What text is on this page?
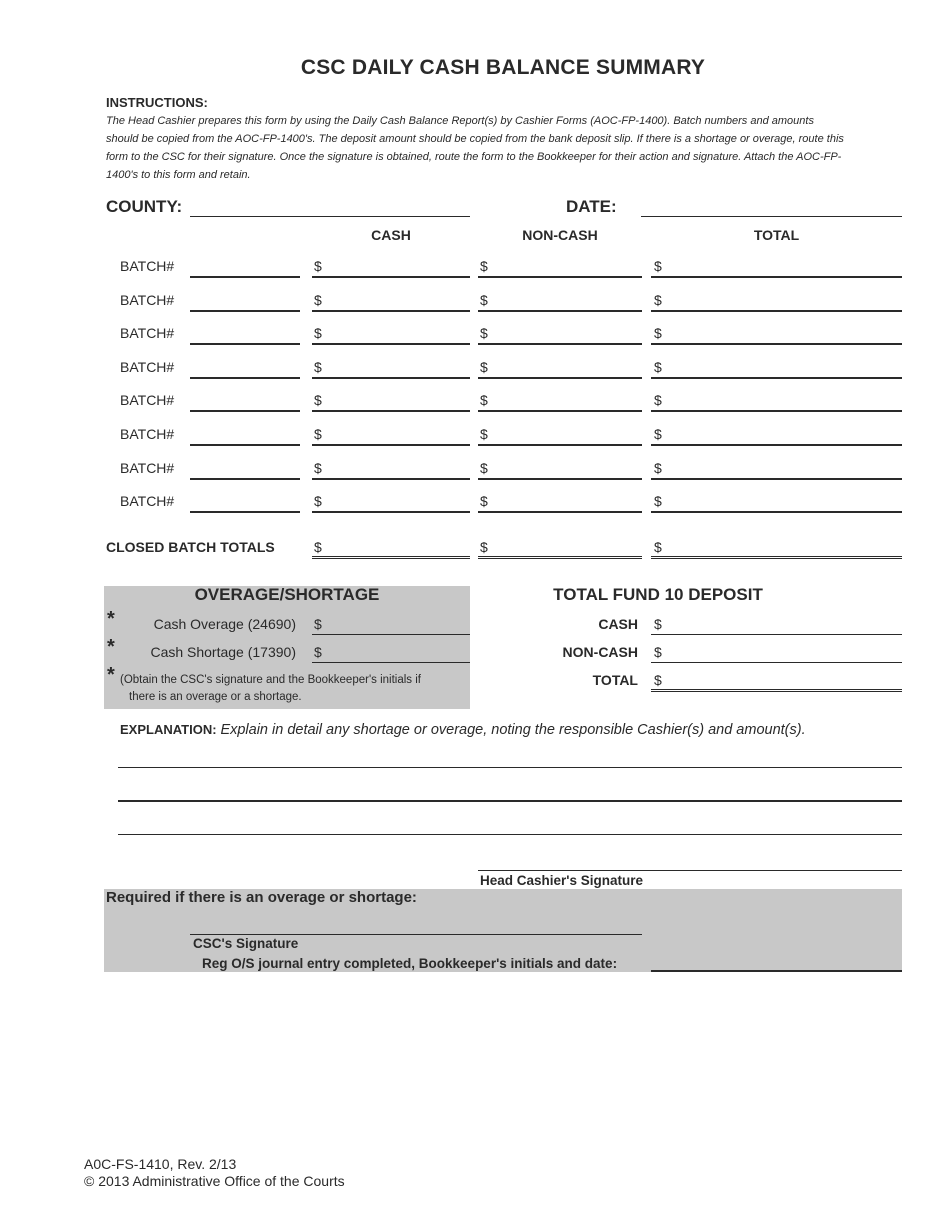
CSC DAILY CASH BALANCE SUMMARY
INSTRUCTIONS:
The Head Cashier prepares this form by using the Daily Cash Balance Report(s) by Cashier Forms (AOC-FP-1400). Batch numbers and amounts should be copied from the AOC-FP-1400's. The deposit amount should be copied from the bank deposit slip. If there is a shortage or overage, route this form to the CSC for their signature. Once the signature is obtained, route the form to the Bookkeeper for their action and signature. Attach the AOC-FP-1400's to this form and retain.
COUNTY:	DATE:
CASH	NON-CASH	TOTAL
BATCH#	$	$	$
BATCH#	$	$	$
BATCH#	$	$	$
BATCH#	$	$	$
BATCH#	$	$	$
BATCH#	$	$	$
BATCH#	$	$	$
BATCH#	$	$	$
CLOSED BATCH TOTALS	$	$	$
OVERAGE/SHORTAGE
*	Cash Overage (24690) $
*	Cash Shortage (17390) $
* (Obtain the CSC's signature and the Bookkeeper's initials if
there is an overage or a shortage.
TOTAL FUND 10 DEPOSIT
CASH $
NON-CASH $
TOTAL $
EXPLANATION: Explain in detail any shortage or overage, noting the responsible Cashier(s) and amount(s).
Head Cashier's Signature
Required if there is an overage or shortage:
CSC's Signature
Reg O/S journal entry completed, Bookkeeper's initials and date:
A0C-FS-1410, Rev. 2/13
© 2013 Administrative Office of the Courts
